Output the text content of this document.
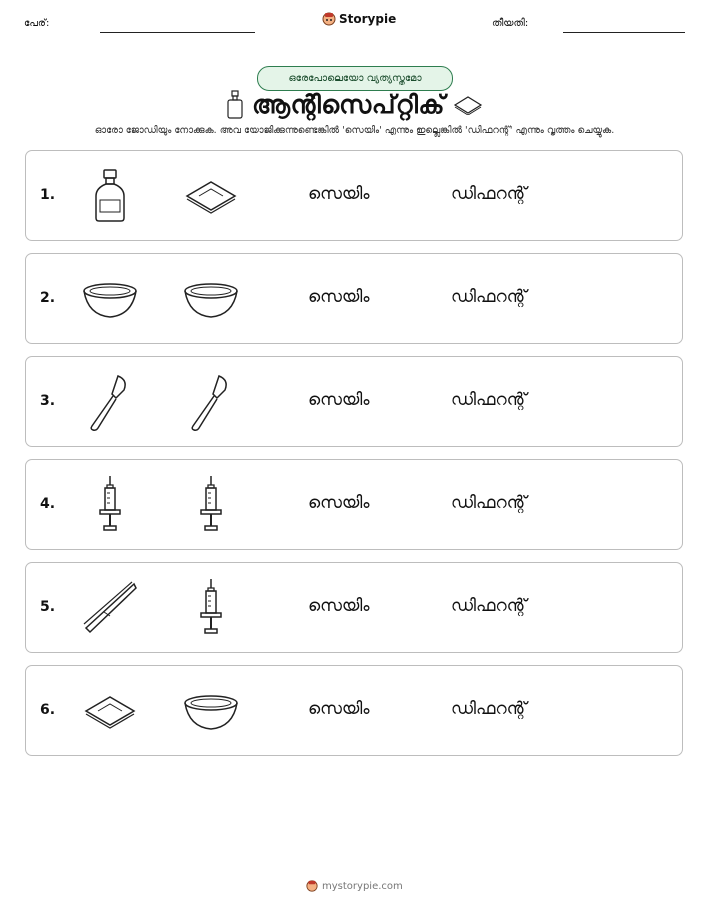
പേര്:	Storypie	തീയതി:
ഒരേപോലെയോ വ്യത്യസ്തമോ
ആന്റിസെപ്റ്റിക്
ഓരോ ജോഡിയും നോക്കുക. അവ യോജിക്കുന്നുണ്ടെങ്കിൽ 'സെയിം' എന്നും ഇല്ലെങ്കിൽ 'ഡിഫറന്റ്' എന്നും വൃത്തം ചെയ്യുക.
1.	സെയിം	ഡിഫറന്റ്
2.	സെയിം	ഡിഫറന്റ്
3.	സെയിം	ഡിഫറന്റ്
4.	സെയിം	ഡിഫറന്റ്
5.	സെയിം	ഡിഫറന്റ്
6.	സെയിം	ഡിഫറന്റ്
mystorypie.com
